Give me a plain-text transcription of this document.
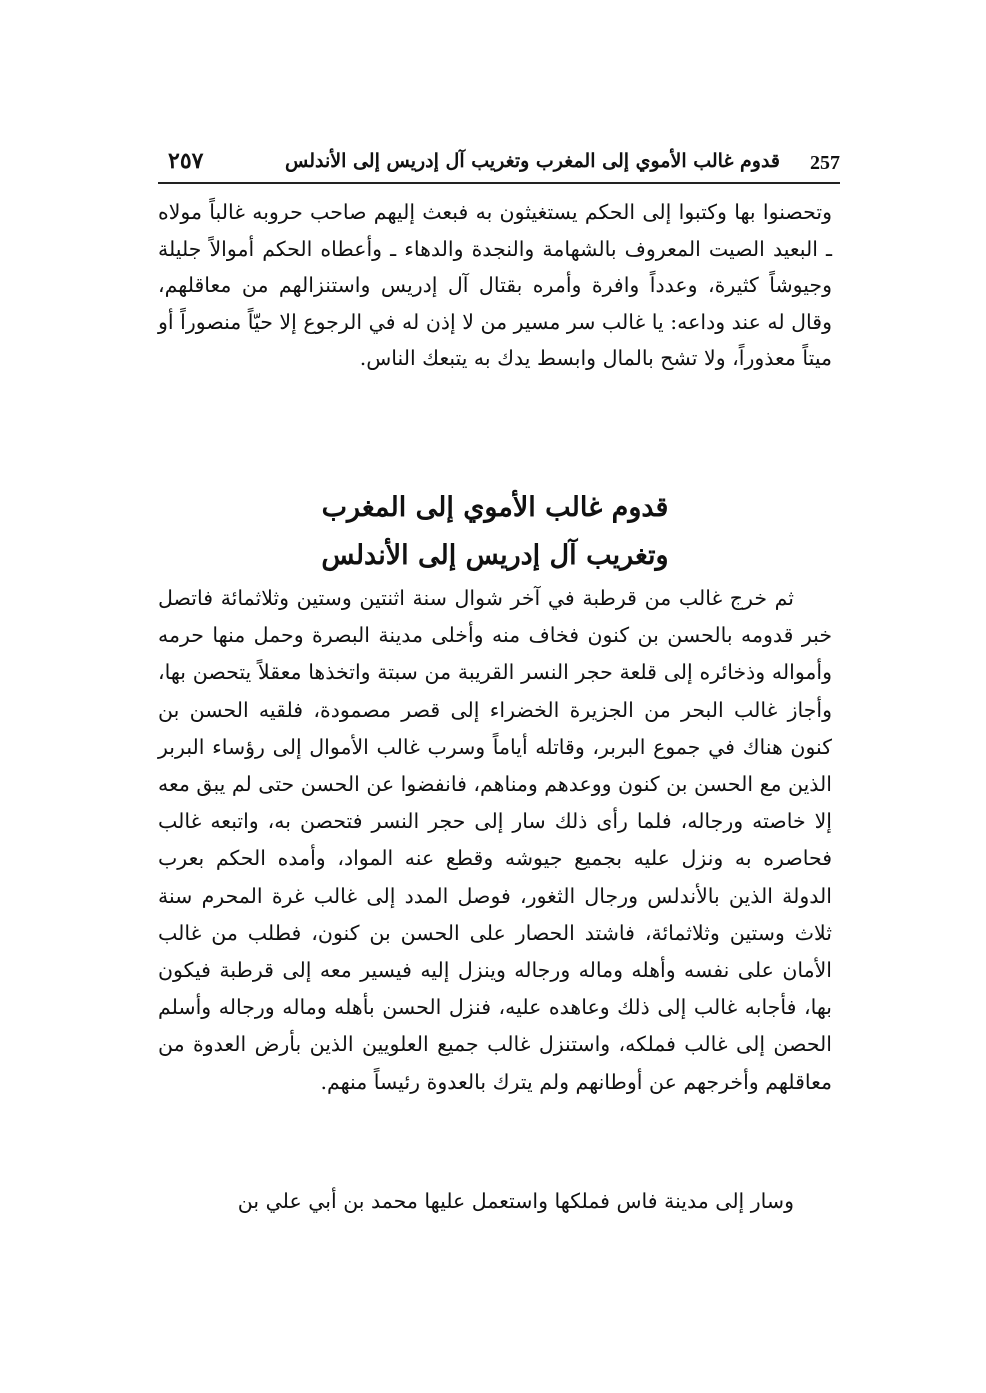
257
قدوم غالب الأموي إلى المغرب وتغريب آل إدريس إلى الأندلس
٢٥٧

وتحصنوا بها وكتبوا إلى الحكم يستغيثون به فبعث إليهم صاحب حروبه غالباً مولاه ـ البعيد الصيت المعروف بالشهامة والنجدة والدهاء ـ وأعطاه الحكم أموالاً جليلة وجيوشاً كثيرة، وعدداً وافرة وأمره بقتال آل إدريس واستنزالهم من معاقلهم، وقال له عند وداعه: يا غالب سر مسير من لا إذن له في الرجوع إلا حيّاً منصوراً أو ميتاً معذوراً، ولا تشح بالمال وابسط يدك به يتبعك الناس.

قدوم غالب الأموي إلى المغرب
وتغريب آل إدريس إلى الأندلس

ثم خرج غالب من قرطبة في آخر شوال سنة اثنتين وستين وثلاثمائة فاتصل خبر قدومه بالحسن بن كنون فخاف منه وأخلى مدينة البصرة وحمل منها حرمه وأمواله وذخائره إلى قلعة حجر النسر القريبة من سبتة واتخذها معقلاً يتحصن بها، وأجاز غالب البحر من الجزيرة الخضراء إلى قصر مصمودة، فلقيه الحسن بن كنون هناك في جموع البربر، وقاتله أياماً وسرب غالب الأموال إلى رؤساء البربر الذين مع الحسن بن كنون ووعدهم ومناهم، فانفضوا عن الحسن حتى لم يبق معه إلا خاصته ورجاله، فلما رأى ذلك سار إلى حجر النسر فتحصن به، واتبعه غالب فحاصره به ونزل عليه بجميع جيوشه وقطع عنه المواد، وأمده الحكم بعرب الدولة الذين بالأندلس ورجال الثغور، فوصل المدد إلى غالب غرة المحرم سنة ثلاث وستين وثلاثمائة، فاشتد الحصار على الحسن بن كنون، فطلب من غالب الأمان على نفسه وأهله وماله ورجاله وينزل إليه فيسير معه إلى قرطبة فيكون بها، فأجابه غالب إلى ذلك وعاهده عليه، فنزل الحسن بأهله وماله ورجاله وأسلم الحصن إلى غالب فملكه، واستنزل غالب جميع العلويين الذين بأرض العدوة من معاقلهم وأخرجهم عن أوطانهم ولم يترك بالعدوة رئيساً منهم.

وسار إلى مدينة فاس فملكها واستعمل عليها محمد بن أبي علي بن
